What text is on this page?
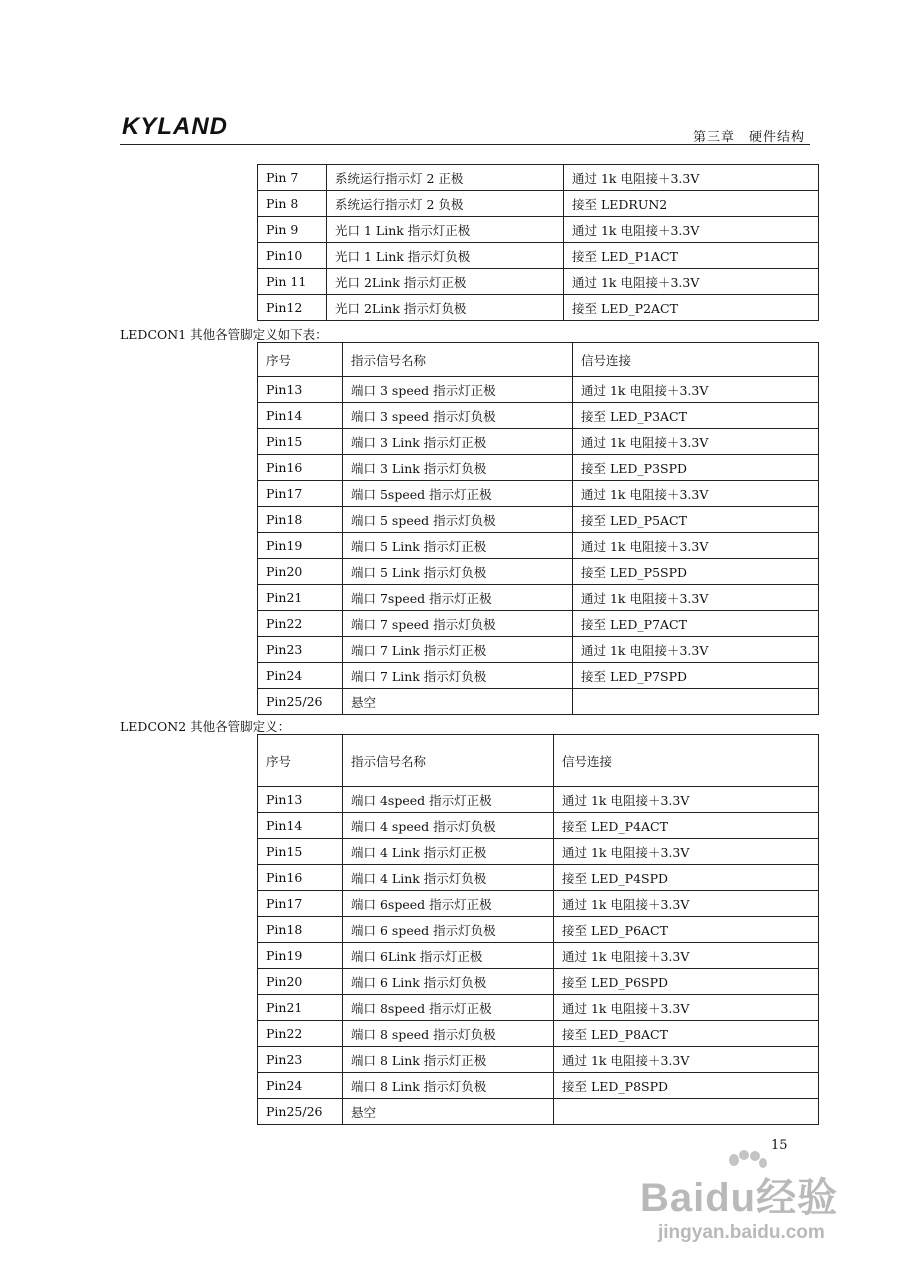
KYLAND	第三章　硬件结构
Pin 7	系统运行指示灯 2 正极	通过 1k 电阻接＋3.3V
Pin 8	系统运行指示灯 2 负极	接至 LEDRUN2
Pin 9	光口 1 Link 指示灯正极	通过 1k 电阻接＋3.3V
Pin10	光口 1 Link 指示灯负极	接至 LED_P1ACT
Pin 11	光口 2Link 指示灯正极	通过 1k 电阻接＋3.3V
Pin12	光口 2Link 指示灯负极	接至 LED_P2ACT
LEDCON1 其他各管脚定义如下表：
序号	指示信号名称	信号连接
Pin13	端口 3 speed 指示灯正极	通过 1k 电阻接＋3.3V
Pin14	端口 3 speed 指示灯负极	接至 LED_P3ACT
Pin15	端口 3 Link 指示灯正极	通过 1k 电阻接＋3.3V
Pin16	端口 3 Link 指示灯负极	接至 LED_P3SPD
Pin17	端口 5speed 指示灯正极	通过 1k 电阻接＋3.3V
Pin18	端口 5 speed 指示灯负极	接至 LED_P5ACT
Pin19	端口 5 Link 指示灯正极	通过 1k 电阻接＋3.3V
Pin20	端口 5 Link 指示灯负极	接至 LED_P5SPD
Pin21	端口 7speed 指示灯正极	通过 1k 电阻接＋3.3V
Pin22	端口 7 speed 指示灯负极	接至 LED_P7ACT
Pin23	端口 7 Link 指示灯正极	通过 1k 电阻接＋3.3V
Pin24	端口 7 Link 指示灯负极	接至 LED_P7SPD
Pin25/26	悬空	
LEDCON2 其他各管脚定义：
序号	指示信号名称	信号连接
Pin13	端口 4speed 指示灯正极	通过 1k 电阻接＋3.3V
Pin14	端口 4 speed 指示灯负极	接至 LED_P4ACT
Pin15	端口 4 Link 指示灯正极	通过 1k 电阻接＋3.3V
Pin16	端口 4 Link 指示灯负极	接至 LED_P4SPD
Pin17	端口 6speed 指示灯正极	通过 1k 电阻接＋3.3V
Pin18	端口 6 speed 指示灯负极	接至 LED_P6ACT
Pin19	端口 6Link 指示灯正极	通过 1k 电阻接＋3.3V
Pin20	端口 6 Link 指示灯负极	接至 LED_P6SPD
Pin21	端口 8speed 指示灯正极	通过 1k 电阻接＋3.3V
Pin22	端口 8 speed 指示灯负极	接至 LED_P8ACT
Pin23	端口 8 Link 指示灯正极	通过 1k 电阻接＋3.3V
Pin24	端口 8 Link 指示灯负极	接至 LED_P8SPD
Pin25/26	悬空	
15
Baidu经验
jingyan.baidu.com
